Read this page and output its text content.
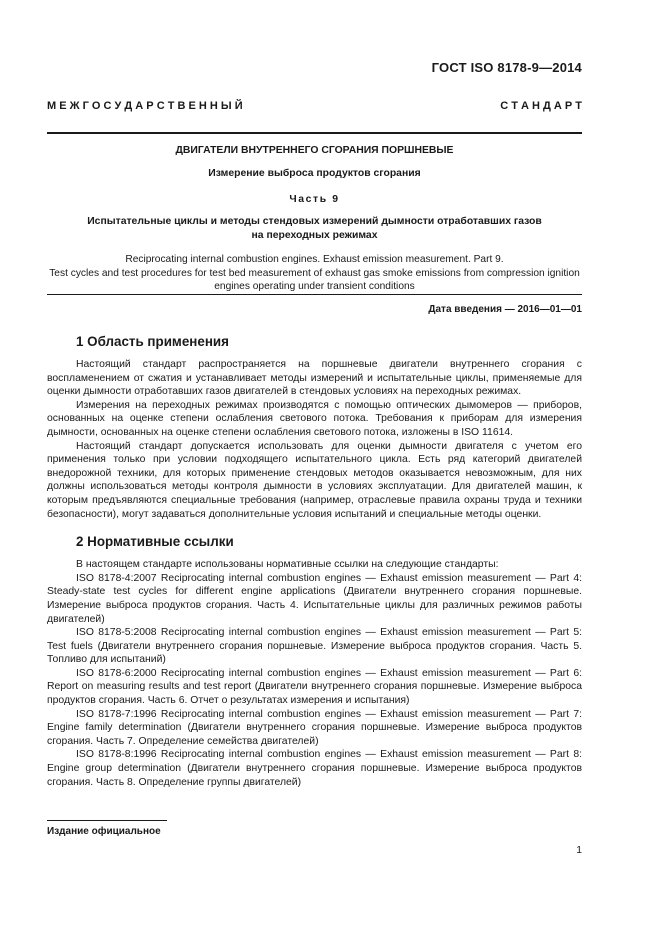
ГОСТ ISO 8178-9—2014
М Е Ж Г О С У Д А Р С Т В Е Н Н Ы Й	С Т А Н Д А Р Т

ДВИГАТЕЛИ ВНУТРЕННЕГО СГОРАНИЯ ПОРШНЕВЫЕ

Измерение выброса продуктов сгорания

Часть 9

Испытательные циклы и методы стендовых измерений дымности отработавших газов
на переходных режимах

Reciprocating internal combustion engines. Exhaust emission measurement. Part 9.
Test cycles and test procedures for test bed measurement of exhaust gas smoke emissions from compression ignition
engines operating under transient conditions

Дата введения — 2016—01—01
1 Область применения

Настоящий стандарт распространяется на поршневые двигатели внутреннего сгорания с воспламенением от сжатия и устанавливает методы измерений и испытательные циклы, применяемые для оценки дымности отработавших газов двигателей в стендовых условиях на переходных режимах.

Измерения на переходных режимах производятся с помощью оптических дымомеров — приборов, основанных на оценке степени ослабления светового потока. Требования к приборам для измерения дымности, основанных на оценке степени ослабления светового потока, изложены в ISO 11614.

Настоящий стандарт допускается использовать для оценки дымности двигателя с учетом его применения только при условии подходящего испытательного цикла. Есть ряд категорий двигателей внедорожной техники, для которых применение стендовых методов оказывается невозможным, для них должны использоваться методы контроля дымности в условиях эксплуатации. Для двигателей машин, к которым предъявляются специальные требования (например, отраслевые правила охраны труда и техники безопасности), могут задаваться дополнительные условия испытаний и специальные методы оценки.

2 Нормативные ссылки

В настоящем стандарте использованы нормативные ссылки на следующие стандарты:

ISO 8178-4:2007 Reciprocating internal combustion engines — Exhaust emission measurement — Part 4: Steady-state test cycles for different engine applications (Двигатели внутреннего сгорания поршневые. Измерение выброса продуктов сгорания. Часть 4. Испытательные циклы для различных режимов работы двигателей)

ISO 8178-5:2008 Reciprocating internal combustion engines — Exhaust emission measurement — Part 5: Test fuels (Двигатели внутреннего сгорания поршневые. Измерение выброса продуктов сгорания. Часть 5. Топливо для испытаний)

ISO 8178-6:2000 Reciprocating internal combustion engines — Exhaust emission measurement — Part 6: Report on measuring results and test report (Двигатели внутреннего сгорания поршневые. Измерение выброса продуктов сгорания. Часть 6. Отчет о результатах измерения и испытания)

ISO 8178-7:1996 Reciprocating internal combustion engines — Exhaust emission measurement — Part 7: Engine family determination (Двигатели внутреннего сгорания поршневые. Измерение выброса продуктов сгорания. Часть 7. Определение семейства двигателей)

ISO 8178-8:1996 Reciprocating internal combustion engines — Exhaust emission measurement — Part 8: Engine group determination (Двигатели внутреннего сгорания поршневые. Измерение выброса продуктов сгорания. Часть 8. Определение группы двигателей)

Издание официальное
1
